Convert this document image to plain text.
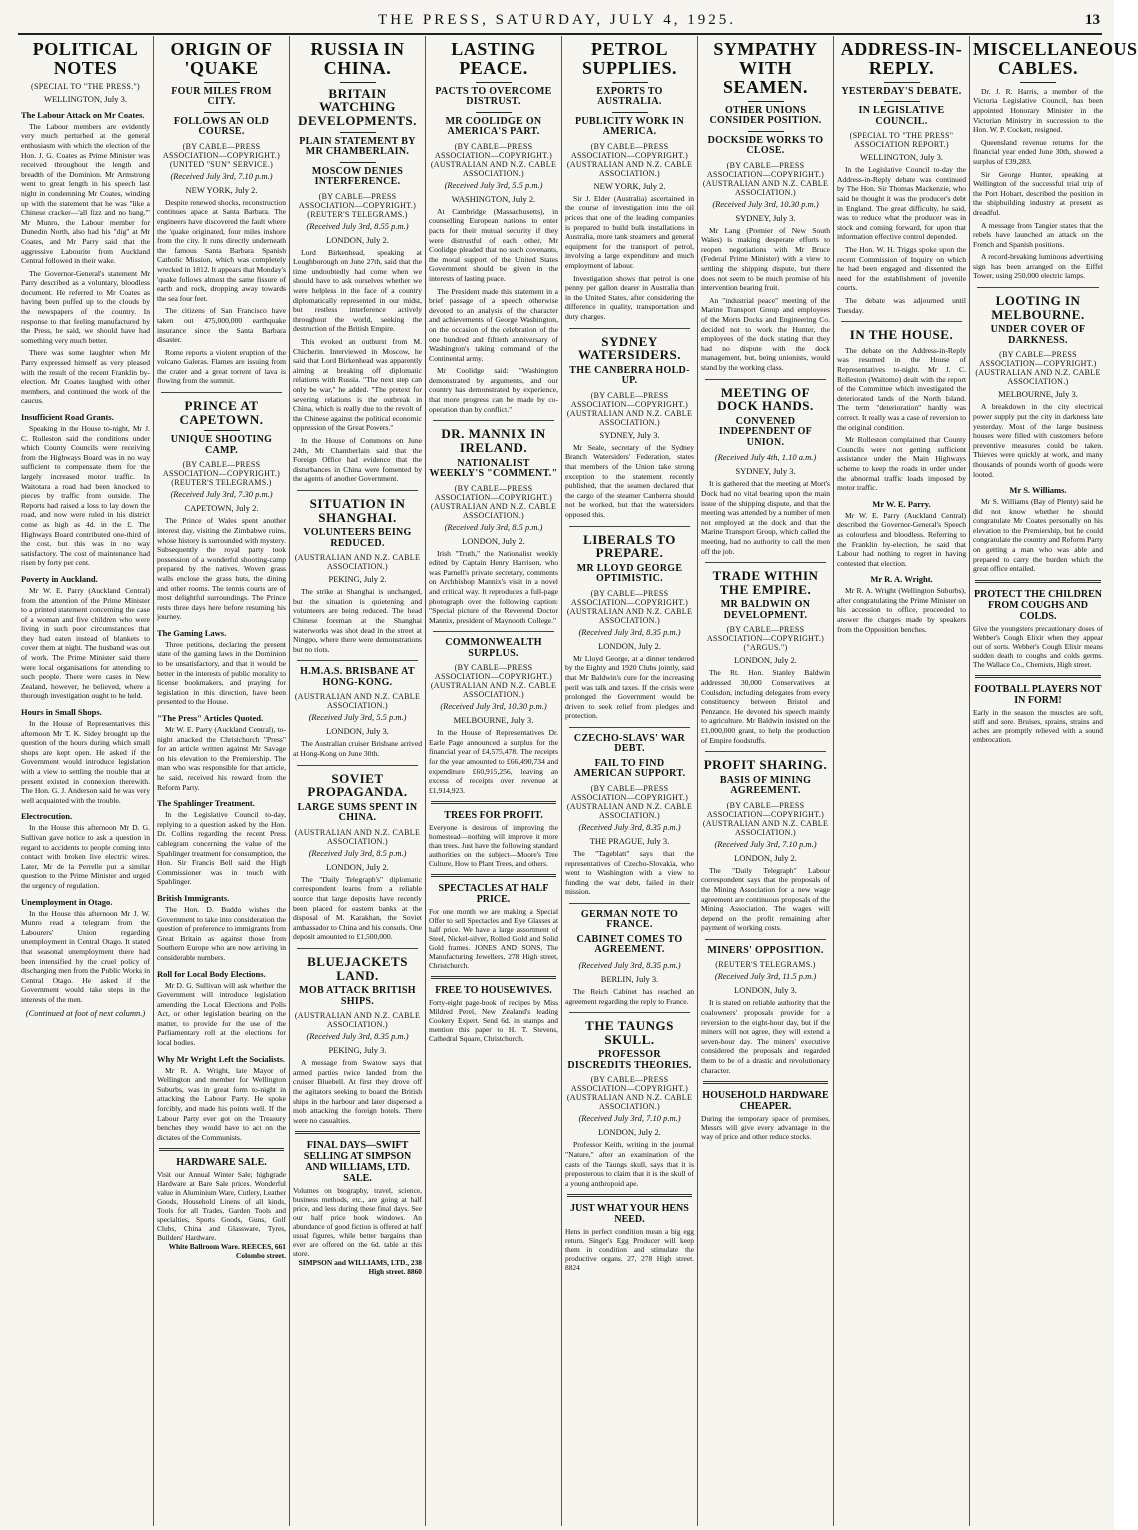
THE PRESS, SATURDAY, JULY 4, 1925.	13
POLITICAL NOTES
(SPECIAL TO "THE PRESS.")
WELLINGTON, July 3.
The Labour Attack on Mr Coates.

The Labour members are evidently very much perturbed at the general enthusiasm with which the election of the Hon. J. G. Coates as Prime Minister was received throughout the length and breadth of the Dominion. Mr Armstrong went to great length in his speech last night in condemning Mr Coates, winding up with the statement that he was "like a Chinese cracker—'all fizz and no bang.'" Mr Munro, the Labour member for Dunedin North, also had his "dig" at Mr Coates, and Mr Parry said that the aggressive Labourite from Auckland Central followed in their wake.

The Governor-General's statement Mr Parry described as a voluntary, bloodless document. He referred to Mr Coates as having been puffed up to the clouds by the newspapers of the country. In response to that feeling manufactured by the Press, he said, we should have had something very much better.

There was some laughter when Mr Parry expressed himself as very pleased with the result of the recent Franklin by-election. Mr Coates laughed with other members, and continued the work of the caucus.

Insufficient Road Grants.

Speaking in the House to-night, Mr J. C. Rolleston said the conditions under which County Councils were receiving from the Highways Board was in no way sufficient to compensate them for the largely increased motor traffic. In Waitotara a road had been knocked to pieces by traffic from outside. The Reports had raised a loss to lay down the road, and now were ruled in his district come as high as 4d. in the £. The Highways Board contributed one-third of the cost, but this was in no way satisfactory. The cost of maintenance had risen by forty per cent.

Poverty in Auckland.

Mr W. E. Parry (Auckland Central) from the attention of the Prime Minister to a printed statement concerning the case of a woman and five children who were living in such poor circumstances that they had eaten instead of blankets to cover them at night. The husband was out of work. The Prime Minister said there were local organisations for attending to such people. There were cases in New Zealand, however, he believed, where a thorough investigation ought to be held.

Hours in Small Shops.

In the House of Representatives this afternoon Mr T. K. Sidey brought up the question of the hours during which small shops are kept open. He asked if the Government would introduce legislation with a view to settling the trouble that at present existed in connexion therewith. The Hon. G. J. Anderson said he was very well acquainted with the trouble.

Electrocution.

In the House this afternoon Mr D. G. Sullivan gave notice to ask a question in regard to accidents to people coming into contact with broken live electric wires. Later, Mr de la Perrelle put a similar question to the Prime Minister and urged the urgency of regulation.

Unemployment in Otago.

In the House this afternoon Mr J. W. Munro read a telegram from the Labourers' Union regarding unemployment in Central Otago. It stated that seasonal unemployment there had been intensified by the cruel policy of discharging men from the Public Works in Central Otago. He asked if the Government would take steps in the interests of the men.

(Continued at foot of next column.)
ORIGIN OF 'QUAKE
FOUR MILES FROM CITY.
FOLLOWS AN OLD COURSE.
(BY CABLE—PRESS ASSOCIATION—COPYRIGHT.) (UNITED "SUN" SERVICE.)
(Received July 3rd, 7.10 p.m.)
NEW YORK, July 2.

Despite renewed shocks, reconstruction continues apace at Santa Barbara. The engineers have discovered the fault where the 'quake originated, four miles inshore from the city. It runs directly underneath the famous Santa Barbara Spanish Catholic Mission, which was completely wrecked in 1812. It appears that Monday's 'quake follows almost the same fissure of earth and rock, dropping away towards the sea four feet.

The citizens of San Francisco have taken out 475,000,000 earthquake insurance since the Santa Barbara disaster.

Rome reports a violent eruption of the volcano Galeras. Flames are issuing from the crater and a great torrent of lava is flowing from the summit.

PRINCE AT CAPETOWN.
UNIQUE SHOOTING CAMP.
(BY CABLE—PRESS ASSOCIATION—COPYRIGHT.) (REUTER'S TELEGRAMS.)
(Received July 3rd, 7.30 p.m.)
CAPETOWN, July 2.

The Prince of Wales spent another interest day, visiting the Zimbabwe ruins, whose history is surrounded with mystery. Subsequently the royal party took possession of a wonderful shooting-camp prepared by the natives. Woven grass walls enclose the grass huts, the dining and other rooms. The tennis courts are of most delightful surroundings. The Prince rests three days here before resuming his journey.

The Gaming Laws.

Three petitions, declaring the present state of the gaming laws in the Dominion to be unsatisfactory, and that it would be better in the interests of public morality to license bookmakers, and praying for legislation in this direction, have been presented to the House.

"The Press" Articles Quoted.

Mr W. E. Parry (Auckland Central), to-night attacked the Christchurch "Press" for an article written against Mr Savage on his elevation to the Premiership. The man who was responsible for that article, he said, received his reward from the Reform Party.

The Spahlinger Treatment.

In the Legislative Council to-day, replying to a question asked by the Hon. Dr. Collins regarding the recent Press cablegram concerning the value of the Spahlinger treatment for consumption, the Hon. Sir Francis Bell said the High Commissioner was in touch with Spahlinger.

British Immigrants.

The Hon. D. Buddo wishes the Government to take into consideration the question of preference to immigrants from Great Britain as against those from Southern Europe who are now arriving in considerable numbers.

Roll for Local Body Elections.

Mr D. G. Sullivan will ask whether the Government will introduce legislation amending the Local Elections and Polls Act, or other legislation bearing on the matter, to provide for the use of the Parliamentary roll at the elections for local bodies.

Why Mr Wright Left the Socialists.

Mr R. A. Wright, late Mayor of Wellington and member for Wellington Suburbs, was in great form to-night in attacking the Labour Party. He spoke forcibly, and made his points well. If the Labour Party ever got on the Treasury benches they would have to act on the dictates of the Communists.

HARDWARE SALE.
Visit our Annual Winter Sale; highgrade Hardware at Bare Sale prices. Wonderful value in Aluminium Ware, Cutlery, Leather Goods, Household Linens of all kinds, Tools for all Trades, Garden Tools and specialties, Sports Goods, Guns, Golf Clubs, China and Glassware, Tyres, Builders' Hardware.
White Ballroom Ware. REECES, 661 Colombo street.
RUSSIA IN CHINA.
BRITAIN WATCHING DEVELOPMENTS.
PLAIN STATEMENT BY MR CHAMBERLAIN.
MOSCOW DENIES INTERFERENCE.
(BY CABLE—PRESS ASSOCIATION—COPYRIGHT.) (REUTER'S TELEGRAMS.)
(Received July 3rd, 8.55 p.m.)
LONDON, July 2.

Lord Birkenhead, speaking at Loughborough on June 27th, said that the time undoubtedly had come when we should have to ask ourselves whether we were helpless in the face of a country diplomatically represented in our midst, but restless interference actively throughout the world, seeking the destruction of the British Empire.

This evoked an outburst from M. Chicherin. Interviewed in Moscow, he said that Lord Birkenhead was apparently aiming at breaking off diplomatic relations with Russia. "The next step can only be war," he added. "The pretext for severing relations is the outbreak in China, which is really due to the revolt of the Chinese against the political economic oppression of the Great Powers."

In the House of Commons on June 24th, Mr Chamberlain said that the Foreign Office had evidence that the disturbances in China were fomented by the agents of another Government.

SITUATION IN SHANGHAI.
VOLUNTEERS BEING REDUCED.
(AUSTRALIAN AND N.Z. CABLE ASSOCIATION.)
PEKING, July 2.

The strike at Shanghai is unchanged, but the situation is quietening and volunteers are being reduced. The head Chinese foreman at the Shanghai waterworks was shot dead in the street at Ningpo, where there were demonstrations but no riots.

H.M.A.S. BRISBANE AT HONG-KONG.
(AUSTRALIAN AND N.Z. CABLE ASSOCIATION.)
(Received July 3rd, 5.5 p.m.)
LONDON, July 3.

The Australian cruiser Brisbane arrived at Hong-Kong on June 30th.

SOVIET PROPAGANDA.
LARGE SUMS SPENT IN CHINA.
(AUSTRALIAN AND N.Z. CABLE ASSOCIATION.)
(Received July 3rd, 8.5 p.m.)
LONDON, July 2.

The "Daily Telegraph's" diplomatic correspondent learns from a reliable source that large deposits have recently been placed for eastern banks at the disposal of M. Karakhan, the Soviet ambassador to China and his consuls. One deposit amounted to £1,500,000.

BLUEJACKETS LAND.
MOB ATTACK BRITISH SHIPS.
(AUSTRALIAN AND N.Z. CABLE ASSOCIATION.)
(Received July 3rd, 8.35 p.m.)
PEKING, July 3.

A message from Swatow says that armed parties twice landed from the cruiser Bluebell. At first they drove off the agitators seeking to board the British ships in the harbour and later dispersed a mob attacking the foreign hotels. There were no casualties.

FINAL DAYS—SWIFT SELLING AT SIMPSON AND WILLIAMS, LTD. SALE.
Volumes on biography, travel, science, business methods, etc., are going at half price, and less during these final days. See our half price book windows. An abundance of good fiction is offered at half usual figures, while better bargains than ever are offered on the 6d. table at this store.
SIMPSON and WILLIAMS, LTD., 238 High street. 8860
LASTING PEACE.
PACTS TO OVERCOME DISTRUST.
MR COOLIDGE ON AMERICA'S PART.
(BY CABLE—PRESS ASSOCIATION—COPYRIGHT.) (AUSTRALIAN AND N.Z. CABLE ASSOCIATION.)
(Received July 3rd, 5.5 p.m.)
WASHINGTON, July 2.

At Cambridge (Massachusetts), in counselling European nations to enter pacts for their mutual security if they were distrustful of each other, Mr Coolidge pleaded that no such covenants, the moral support of the United States Government should be given in the interests of lasting peace.

The President made this statement in a brief passage of a speech otherwise devoted to an analysis of the character and achievements of George Washington, on the occasion of the celebration of the one hundred and fiftieth anniversary of Washington's taking command of the Continental army.

Mr Coolidge said: "Washington demonstrated by arguments, and our country has demonstrated by experience, that more progress can be made by co-operation than by conflict."

DR. MANNIX IN IRELAND.
NATIONALIST WEEKLY'S "COMMENT."
(BY CABLE—PRESS ASSOCIATION—COPYRIGHT.) (AUSTRALIAN AND N.Z. CABLE ASSOCIATION.)
(Received July 3rd, 8.5 p.m.)
LONDON, July 2.

Irish "Truth," the Nationalist weekly edited by Captain Henry Harrison, who was Parnell's private secretary, comments on Archbishop Mannix's visit in a novel and critical way. It reproduces a full-page photograph over the following caption: "Special picture of the Reverend Doctor Mannix, president of Maynooth College."

COMMONWEALTH SURPLUS.
(BY CABLE—PRESS ASSOCIATION—COPYRIGHT.) (AUSTRALIAN AND N.Z. CABLE ASSOCIATION.)
(Received July 3rd, 10.30 p.m.)
MELBOURNE, July 3.

In the House of Representatives Dr. Earle Page announced a surplus for the financial year of £4,575,478. The receipts for the year amounted to £66,490,734 and expenditure £60,915,256, leaving an excess of receipts over revenue at £1,914,923.

TREES FOR PROFIT.
Everyone is desirous of improving the homestead—nothing will improve it more than trees. Just have the following standard authorities on the subject—Moore's Tree Culture, How to Plant Trees, and others.
SPECTACLES AT HALF PRICE.
For one month we are making a Special Offer to sell Spectacles and Eye Glasses at half price. We have a large assortment of Steel, Nickel-silver, Rolled Gold and Solid Gold frames. JONES AND SONS, The Manufacturing Jewellers, 278 High street, Christchurch.
FREE TO HOUSEWIVES.
Forty-eight page-book of recipes by Miss Mildred Perel, New Zealand's leading Cookery Expert. Send 6d. in stamps and mention this paper to H. T. Stevens, Cathedral Square, Christchurch.
PETROL SUPPLIES.
EXPORTS TO AUSTRALIA.
PUBLICITY WORK IN AMERICA.
(BY CABLE—PRESS ASSOCIATION—COPYRIGHT.) (AUSTRALIAN AND N.Z. CABLE ASSOCIATION.)
NEW YORK, July 2.

Sir J. Elder (Australia) ascertained in the course of investigation into the oil prices that one of the leading companies is prepared to build bulk installations in Australia, more tank steamers and general equipment for the transport of petrol, involving a large expenditure and much employment of labour.

Investigation shows that petrol is one penny per gallon dearer in Australia than in the United States, after considering the difference in quality, transportation and duty charges.

SYDNEY WATERSIDERS.
THE CANBERRA HOLD-UP.
(BY CABLE—PRESS ASSOCIATION—COPYRIGHT.) (AUSTRALIAN AND N.Z. CABLE ASSOCIATION.)
SYDNEY, July 3.

Mr Seale, secretary of the Sydney Branch Watersiders' Federation, states that members of the Union take strong exception to the statement recently published, that the seamen declared that the cargo of the steamer Canberra should not be worked, but that the watersiders opposed this.

LIBERALS TO PREPARE.
MR LLOYD GEORGE OPTIMISTIC.
(BY CABLE—PRESS ASSOCIATION—COPYRIGHT.) (AUSTRALIAN AND N.Z. CABLE ASSOCIATION.)
(Received July 3rd, 8.35 p.m.)
LONDON, July 2.

Mr Lloyd George, at a dinner tendered by the Eighty and 1920 Clubs jointly, said that Mr Baldwin's cure for the increasing peril was talk and taxes. If the crisis were prolonged the Government would be driven to seek relief from pledges and protection.

CZECHO-SLAVS' WAR DEBT.
FAIL TO FIND AMERICAN SUPPORT.
(BY CABLE—PRESS ASSOCIATION—COPYRIGHT.) (AUSTRALIAN AND N.Z. CABLE ASSOCIATION.)
(Received July 3rd, 8.35 p.m.)
THE PRAGUE, July 3.

The "Tageblatt" says that the representatives of Czecho-Slovakia, who went to Washington with a view to funding the war debt, failed in their mission.

GERMAN NOTE TO FRANCE.
CABINET COMES TO AGREEMENT.
(Received July 3rd, 8.35 p.m.)
BERLIN, July 3.

The Reich Cabinet has reached an agreement regarding the reply to France.

THE TAUNGS SKULL.
PROFESSOR DISCREDITS THEORIES.
(BY CABLE—PRESS ASSOCIATION—COPYRIGHT.) (AUSTRALIAN AND N.Z. CABLE ASSOCIATION.)
(Received July 3rd, 7.10 p.m.)
LONDON, July 2.

Professor Keith, writing in the journal "Nature," after an examination of the casts of the Taungs skull, says that it is preposterous to claim that it is the skull of a young anthropoid ape.

JUST WHAT YOUR HENS NEED.
Hens in perfect condition mean a big egg return. Singer's Egg Producer will keep them in condition and stimulate the productive organs. 27, 278 High street. 8824
SYMPATHY WITH SEAMEN.
OTHER UNIONS CONSIDER POSITION.
DOCKSIDE WORKS TO CLOSE.
(BY CABLE—PRESS ASSOCIATION—COPYRIGHT.) (AUSTRALIAN AND N.Z. CABLE ASSOCIATION.)
(Received July 3rd, 10.30 p.m.)
SYDNEY, July 3.

Mr Lang (Premier of New South Wales) is making desperate efforts to reopen negotiations with Mr Bruce (Federal Prime Minister) with a view to settling the shipping dispute, but there does not seem to be much promise of his intervention bearing fruit.

An "industrial peace" meeting of the Marine Transport Group and employees of the Morts Docks and Engineering Co. decided not to work the Hunter, the employees of the dock stating that they had no dispute with the dock management, but, being unionists, would stand by the working class.

MEETING OF DOCK HANDS.
CONVENED INDEPENDENT OF UNION.
(Received July 4th, 1.10 a.m.)
SYDNEY, July 3.

It is gathered that the meeting at Mort's Dock had no vital bearing upon the main issue of the shipping dispute, and that the meeting was attended by a number of men not employed at the dock and that the Marine Transport Group, which called the meeting, had no authority to call the men off the job.

TRADE WITHIN THE EMPIRE.
MR BALDWIN ON DEVELOPMENT.
(BY CABLE—PRESS ASSOCIATION—COPYRIGHT.) ("ARGUS.")
LONDON, July 2.

The Rt. Hon. Stanley Baldwin addressed 30,000 Conservatives at Coulsdon, including delegates from every constituency between Bristol and Penzance. He devoted his speech mainly to agriculture. Mr Baldwin insisted on the £1,000,000 grant, to help the production of Empire foodstuffs.

PROFIT SHARING.
BASIS OF MINING AGREEMENT.
(BY CABLE—PRESS ASSOCIATION—COPYRIGHT.) (AUSTRALIAN AND N.Z. CABLE ASSOCIATION.)
(Received July 3rd, 7.10 p.m.)
LONDON, July 2.

The "Daily Telegraph" Labour correspondent says that the proposals of the Mining Association for a new wage agreement are continuous proposals of the Mining Association. The wages will depend on the profit remaining after payment of working costs.

MINERS' OPPOSITION.
(REUTER'S TELEGRAMS.)
(Received July 3rd, 11.5 p.m.)
LONDON, July 3.

It is stated on reliable authority that the coalowners' proposals provide for a reversion to the eight-hour day, but if the miners will not agree, they will extend a seven-hour day. The miners' executive considered the proposals and regarded them to be of a drastic and revolutionary character.

HOUSEHOLD HARDWARE CHEAPER.
During the temporary space of premises, Messrs will give every advantage in the way of price and other reduce stocks.
ADDRESS-IN-REPLY.
YESTERDAY'S DEBATE.
IN LEGISLATIVE COUNCIL.
(SPECIAL TO "THE PRESS" ASSOCIATION REPORT.)
WELLINGTON, July 3.

In the Legislative Council to-day the Address-in-Reply debate was continued by The Hon. Sir Thomas Mackenzie, who said he thought it was the producer's debt in England. The great difficulty, he said, was to reduce what the producer was in stock and coming forward, for upon that information effective control depended.

The Hon. W. H. Triggs spoke upon the recent Commission of Inquiry on which he had been engaged and dissented the need for the establishment of juvenile courts.

The debate was adjourned until Tuesday.

IN THE HOUSE.

The debate on the Address-in-Reply was resumed in the House of Representatives to-night. Mr J. C. Rolleston (Waitomo) dealt with the report of the Committee which investigated the deteriorated lands of the North Island. The term "deterioration" hardly was correct. It really was a case of reversion to the original condition.

Mr Rolleston complained that County Councils were not getting sufficient assistance under the Main Highways scheme to keep the roads in order under the abnormal traffic loads imposed by motor traffic.

Mr W. E. Parry.

Mr W. E. Parry (Auckland Central) described the Governor-General's Speech as colourless and bloodless. Referring to the Franklin by-election, he said that Labour had nothing to regret in having contested that election.

Mr R. A. Wright.

Mr R. A. Wright (Wellington Suburbs), after congratulating the Prime Minister on his accession to office, proceeded to answer the charges made by speakers from the Opposition benches.

MISCELLANEOUS CABLES.

Dr. J. R. Harris, a member of the Victoria Legislative Council, has been appointed Honorary Minister in the Victorian Ministry in succession to the Hon. W. P. Cockett, resigned.

Queensland revenue returns for the financial year ended June 30th, showed a surplus of £39,283.

Sir George Hunter, speaking at Wellington of the successful trial trip of the Port Hobart, described the position in the shipbuilding industry at present as dreadful.

A message from Tangier states that the rebels have launched an attack on the French and Spanish positions.

A record-breaking luminous advertising sign has been arranged on the Eiffel Tower, using 250,000 electric lamps.

LOOTING IN MELBOURNE.
UNDER COVER OF DARKNESS.
(BY CABLE—PRESS ASSOCIATION—COPYRIGHT.) (AUSTRALIAN AND N.Z. CABLE ASSOCIATION.)
MELBOURNE, July 3.

A breakdown in the city electrical power supply put the city in darkness late yesterday. Most of the large business houses were filled with customers before preventive measures could be taken. Thieves were quickly at work, and many thousands of pounds worth of goods were looted.

Mr S. Williams.

Mr S. Williams (Bay of Plenty) said he did not know whether he should congratulate Mr Coates personally on his elevation to the Premiership, but he could congratulate the country and Reform Party on getting a man who was able and prepared to carry the burden which the great office entailed.

PROTECT THE CHILDREN FROM COUGHS AND COLDS.
Give the youngsters precautionary doses of Webber's Cough Elixir when they appear out of sorts. Webber's Cough Elixir means sudden death to coughs and colds germs. The Wallace Co., Chemists, High street.
FOOTBALL PLAYERS NOT IN FORM!
Early in the season the muscles are soft, stiff and sore. Bruises, sprains, strains and aches are promptly relieved with a sound embrocation.
